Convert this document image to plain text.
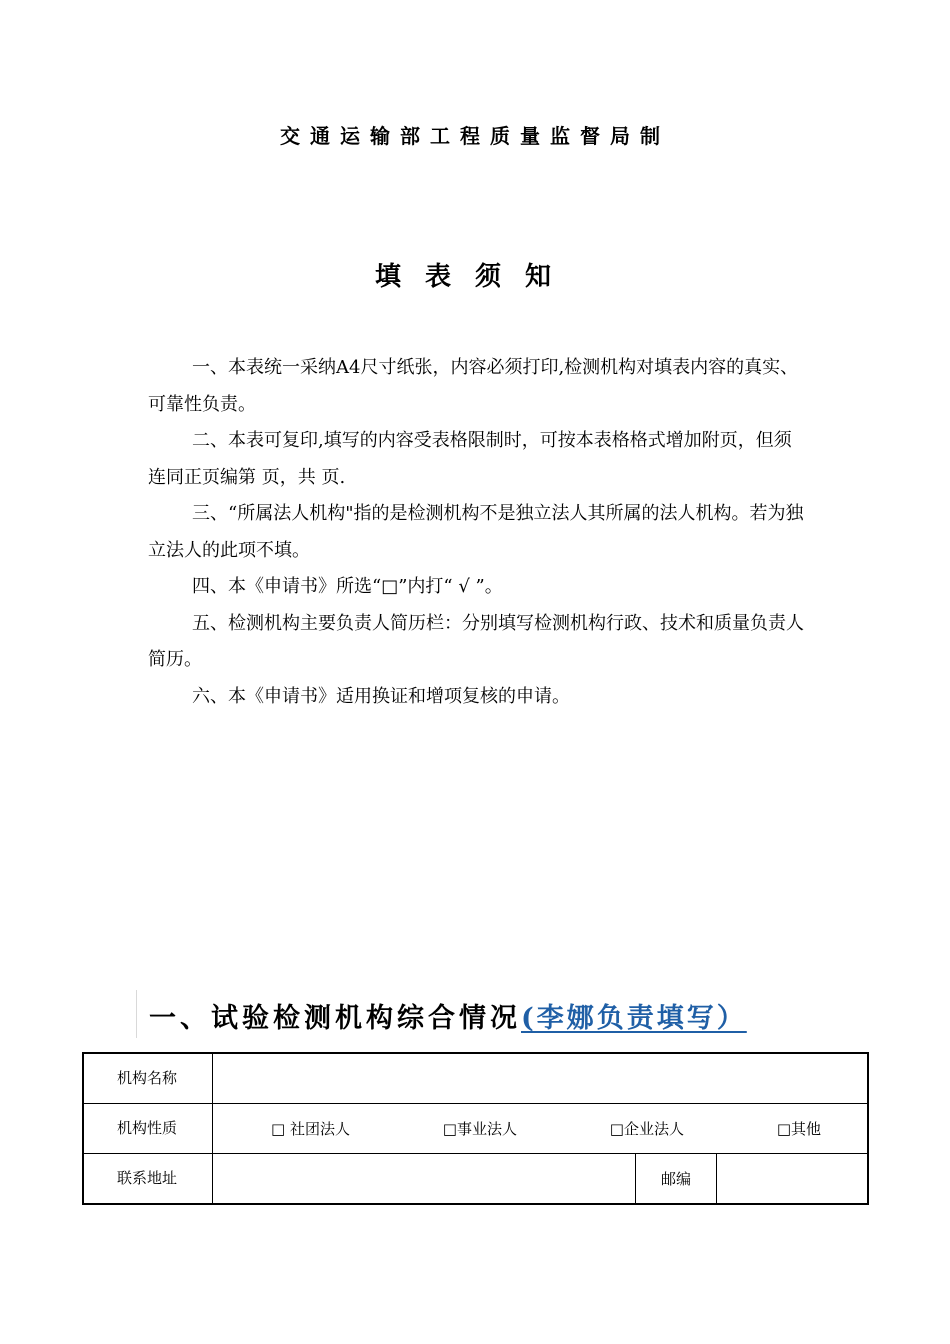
交通运输部工程质量监督局制
填表须知

一、本表统一采纳A4尺寸纸张，内容必须打印,检测机构对填表内容的真实、可靠性负责。

二、本表可复印,填写的内容受表格限制时，可按本表格格式增加附页，但须连同正页编第 页，共 页.

三、“所属法人机构"指的是检测机构不是独立法人其所属的法人机构。若为独立法人的此项不填。

四、本《申请书》所选“□”内打“ √ ”。

五、检测机构主要负责人简历栏：分别填写检测机构行政、技术和质量负责人简历。

六、本《申请书》适用换证和增项复核的申请。

一、试验检测机构综合情况(李娜负责填写）
机构名称			
机构性质	□ 社团法人 □事业法人 □企业法人 □其他		

联系地址		邮编	
